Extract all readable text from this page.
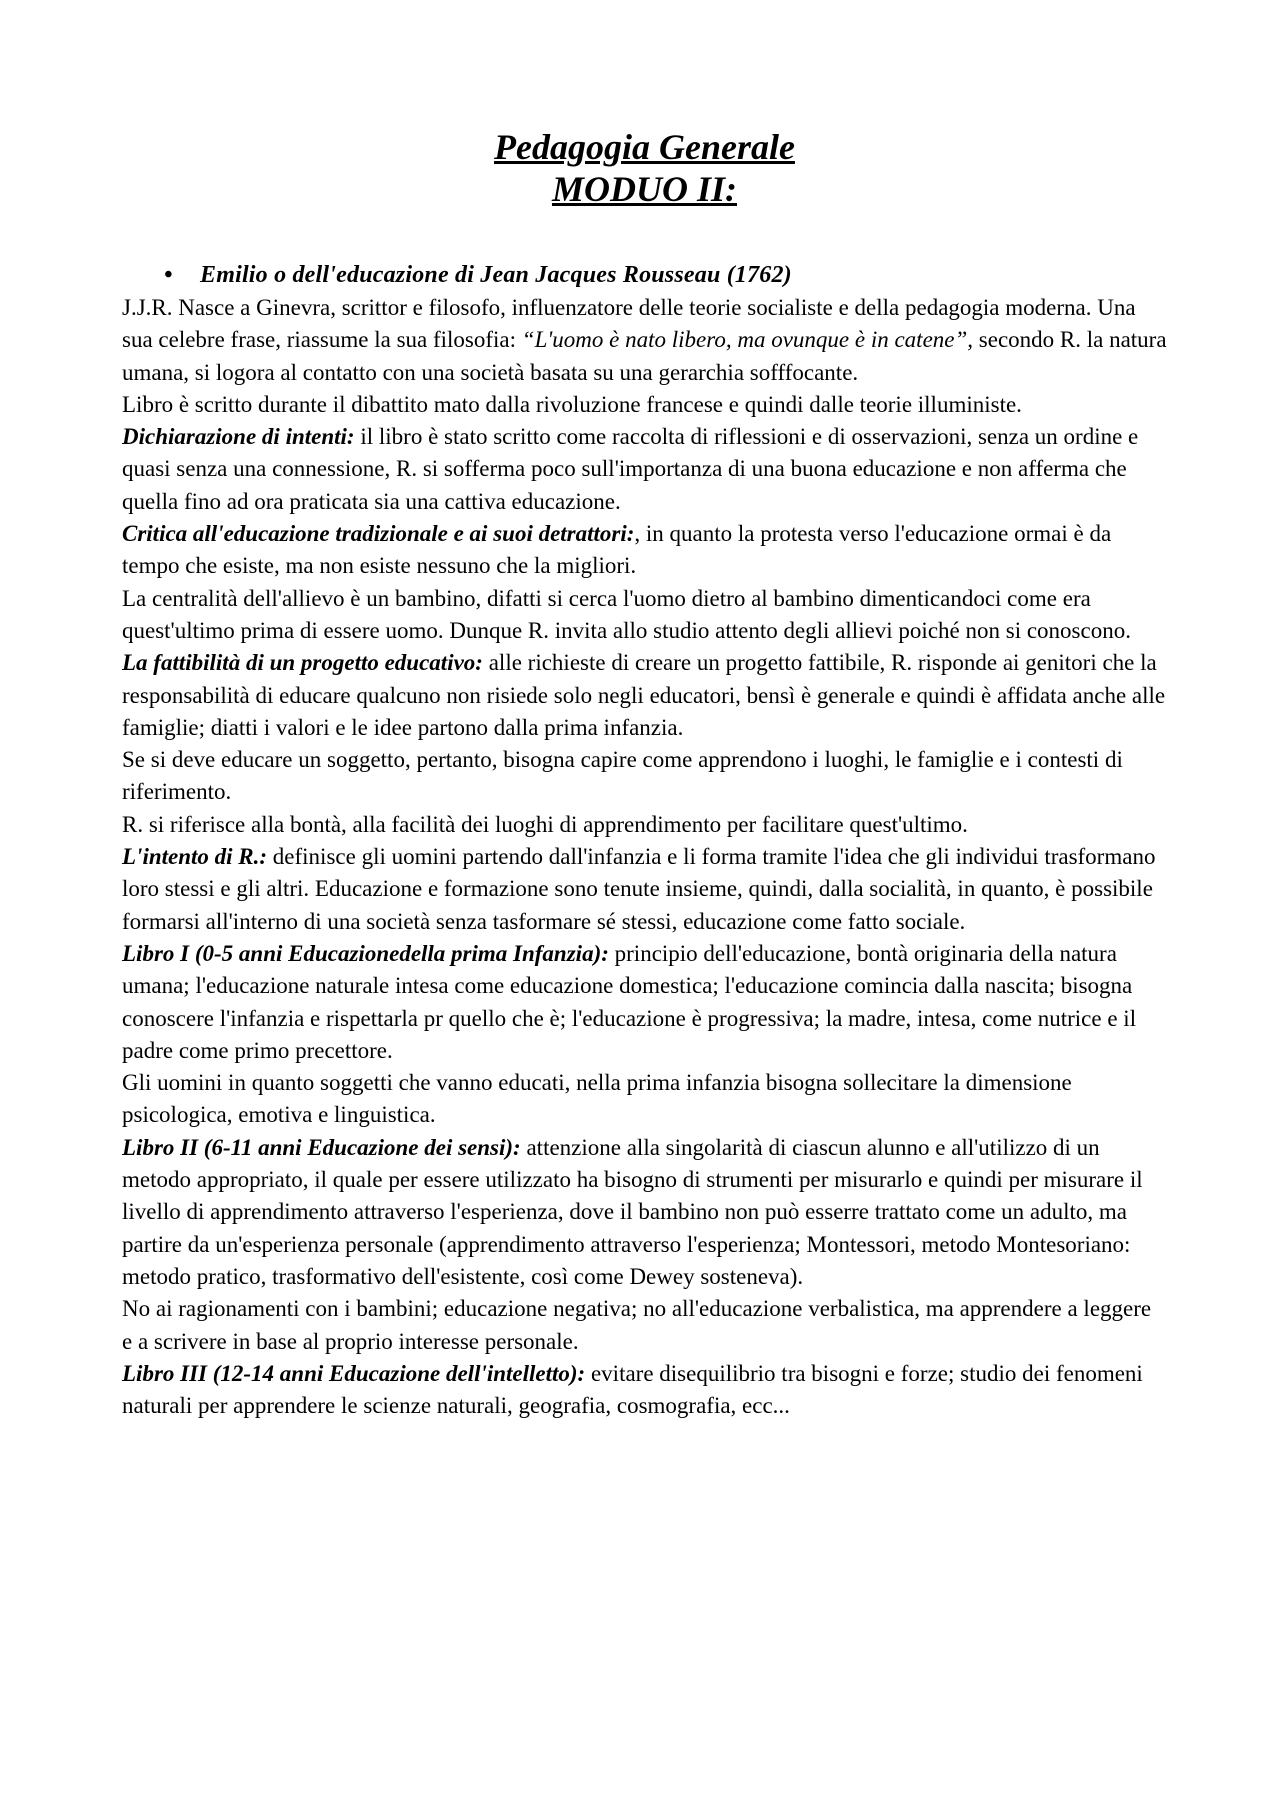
Pedagogia Generale
MODUO II:
• Emilio o dell'educazione di Jean Jacques Rousseau (1762)

J.J.R. Nasce a Ginevra, scrittor e filosofo, influenzatore delle teorie socialiste e della pedagogia moderna. Una sua celebre frase, riassume la sua filosofia: “L'uomo è nato libero, ma ovunque è in catene”, secondo R. la natura umana, si logora al contatto con una società basata su una gerarchia sofffocante.

Libro è scritto durante il dibattito mato dalla rivoluzione francese e quindi dalle teorie illuministe.

Dichiarazione di intenti: il libro è stato scritto come raccolta di riflessioni e di osservazioni, senza un ordine e quasi senza una connessione, R. si sofferma poco sull'importanza di una buona educazione e non afferma che quella fino ad ora praticata sia una cattiva educazione.

Critica all'educazione tradizionale e ai suoi detrattori:, in quanto la protesta verso l'educazione ormai è da tempo che esiste, ma non esiste nessuno che la migliori.

La centralità dell'allievo è un bambino, difatti si cerca l'uomo dietro al bambino dimenticandoci come era quest'ultimo prima di essere uomo. Dunque R. invita allo studio attento degli allievi poiché non si conoscono.

La fattibilità di un progetto educativo: alle richieste di creare un progetto fattibile, R. risponde ai genitori che la responsabilità di educare qualcuno non risiede solo negli educatori, bensì è generale e quindi è affidata anche alle famiglie; diatti i valori e le idee partono dalla prima infanzia.

Se si deve educare un soggetto, pertanto, bisogna capire come apprendono i luoghi, le famiglie e i contesti di riferimento.

R. si riferisce alla bontà, alla facilità dei luoghi di apprendimento per facilitare quest'ultimo.

L'intento di R.: definisce gli uomini partendo dall'infanzia e li forma tramite l'idea che gli individui trasformano loro stessi e gli altri. Educazione e formazione sono tenute insieme, quindi, dalla socialità, in quanto, è possibile formarsi all'interno di una società senza tasformare sé stessi, educazione come fatto sociale.

Libro I (0-5 anni Educazionedella prima Infanzia): principio dell'educazione, bontà originaria della natura umana; l'educazione naturale intesa come educazione domestica; l'educazione comincia dalla nascita; bisogna conoscere l'infanzia e rispettarla pr quello che è; l'educazione è progressiva; la madre, intesa, come nutrice e il padre come primo precettore.

Gli uomini in quanto soggetti che vanno educati, nella prima infanzia bisogna sollecitare la dimensione psicologica, emotiva e linguistica.

Libro II (6-11 anni Educazione dei sensi): attenzione alla singolarità di ciascun alunno e all'utilizzo di un metodo appropriato, il quale per essere utilizzato ha bisogno di strumenti per misurarlo e quindi per misurare il livello di apprendimento attraverso l'esperienza, dove il bambino non può esserre trattato come un adulto, ma partire da un'esperienza personale (apprendimento attraverso l'esperienza; Montessori, metodo Montesoriano: metodo pratico, trasformativo dell'esistente, così come Dewey sosteneva).

No ai ragionamenti con i bambini; educazione negativa; no all'educazione verbalistica, ma apprendere a leggere e a scrivere in base al proprio interesse personale.

Libro III (12-14 anni Educazione dell'intelletto): evitare disequilibrio tra bisogni e forze; studio dei fenomeni naturali per apprendere le scienze naturali, geografia, cosmografia, ecc...
